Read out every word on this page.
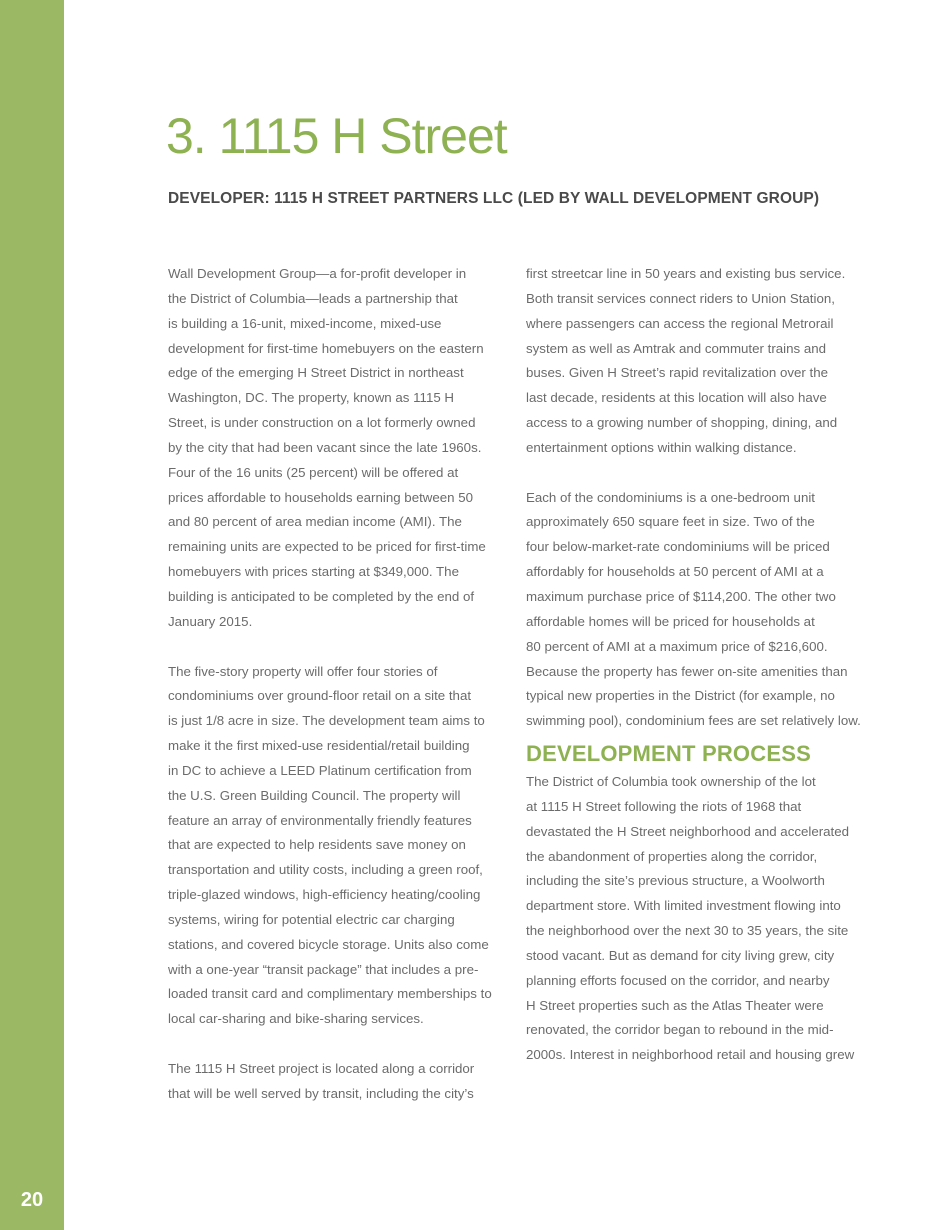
20
3. 1115 H Street
DEVELOPER: 1115 H STREET PARTNERS LLC (LED BY WALL DEVELOPMENT GROUP)
Wall Development Group—a for-profit developer in
the District of Columbia—leads a partnership that
is building a 16-unit, mixed-income, mixed-use
development for first-time homebuyers on the eastern
edge of the emerging H Street District in northeast
Washington, DC. The property, known as 1115 H
Street, is under construction on a lot formerly owned
by the city that had been vacant since the late 1960s.
Four of the 16 units (25 percent) will be offered at
prices affordable to households earning between 50
and 80 percent of area median income (AMI). The
remaining units are expected to be priced for first-time
homebuyers with prices starting at $349,000. The
building is anticipated to be completed by the end of
January 2015.
The five-story property will offer four stories of
condominiums over ground-floor retail on a site that
is just 1/8 acre in size. The development team aims to
make it the first mixed-use residential/retail building
in DC to achieve a LEED Platinum certification from
the U.S. Green Building Council. The property will
feature an array of environmentally friendly features
that are expected to help residents save money on
transportation and utility costs, including a green roof,
triple-glazed windows, high-efficiency heating/cooling
systems, wiring for potential electric car charging
stations, and covered bicycle storage. Units also come
with a one-year “transit package” that includes a pre-
loaded transit card and complimentary memberships to
local car-sharing and bike-sharing services.
The 1115 H Street project is located along a corridor
that will be well served by transit, including the city’s
first streetcar line in 50 years and existing bus service.
Both transit services connect riders to Union Station,
where passengers can access the regional Metrorail
system as well as Amtrak and commuter trains and
buses. Given H Street’s rapid revitalization over the
last decade, residents at this location will also have
access to a growing number of shopping, dining, and
entertainment options within walking distance.
Each of the condominiums is a one-bedroom unit
approximately 650 square feet in size. Two of the
four below-market-rate condominiums will be priced
affordably for households at 50 percent of AMI at a
maximum purchase price of $114,200. The other two
affordable homes will be priced for households at
80 percent of AMI at a maximum price of $216,600.
Because the property has fewer on-site amenities than
typical new properties in the District (for example, no
swimming pool), condominium fees are set relatively low.
DEVELOPMENT PROCESS
The District of Columbia took ownership of the lot
at 1115 H Street following the riots of 1968 that
devastated the H Street neighborhood and accelerated
the abandonment of properties along the corridor,
including the site’s previous structure, a Woolworth
department store. With limited investment flowing into
the neighborhood over the next 30 to 35 years, the site
stood vacant. But as demand for city living grew, city
planning efforts focused on the corridor, and nearby
H Street properties such as the Atlas Theater were
renovated, the corridor began to rebound in the mid-
2000s. Interest in neighborhood retail and housing grew
